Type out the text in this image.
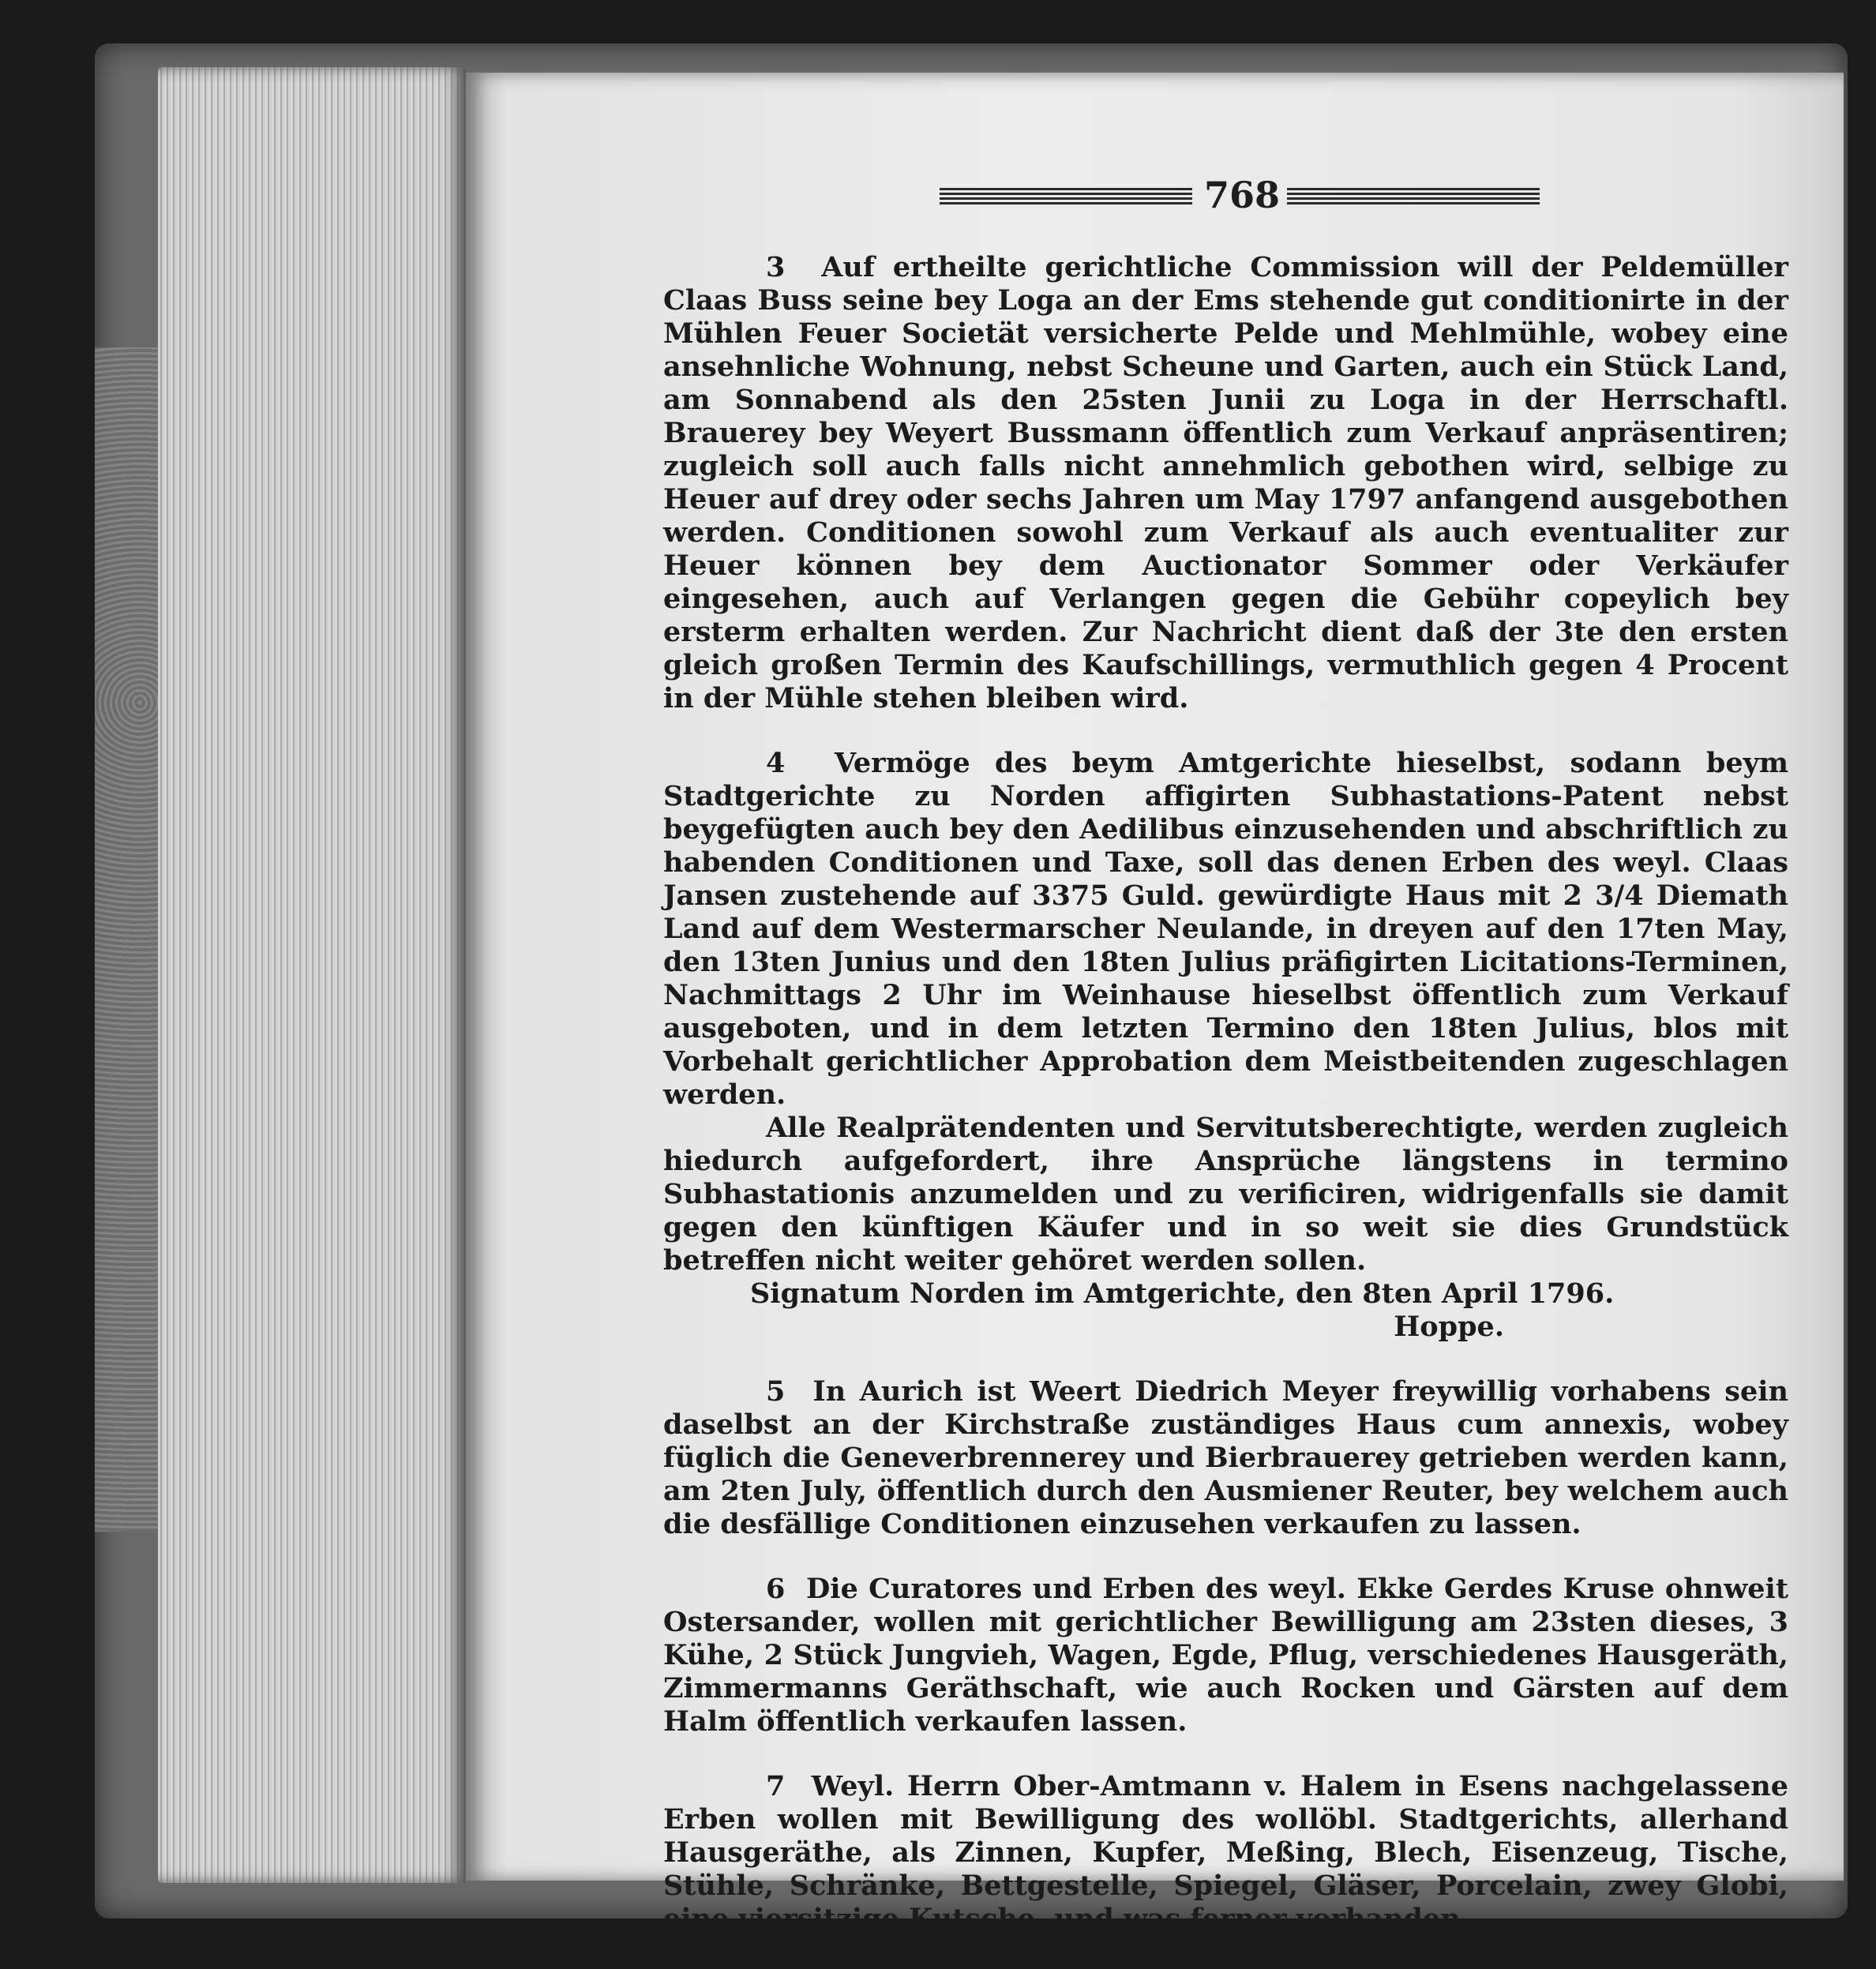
768

3 Auf ertheilte gerichtliche Commission will der Peldemüller Claas Buss seine bey Loga an der Ems stehende gut conditionirte in der Mühlen Feuer Societät versicherte Pelde und Mehlmühle, wobey eine ansehnliche Wohnung, nebst Scheune und Garten, auch ein Stück Land, am Sonnabend als den 25sten Junii zu Loga in der Herrschaftl. Brauerey bey Weyert Bussmann öffentlich zum Verkauf anpräsentiren; zugleich soll auch falls nicht annehmlich gebothen wird, selbige zu Heuer auf drey oder sechs Jahren um May 1797 anfangend ausgebothen werden. Conditionen sowohl zum Verkauf als auch eventualiter zur Heuer können bey dem Auctionator Sommer oder Verkäufer eingesehen, auch auf Verlangen gegen die Gebühr copeylich bey ersterm erhalten werden. Zur Nachricht dient daß der 3te den ersten gleich großen Termin des Kaufschillings, vermuthlich gegen 4 Procent in der Mühle stehen bleiben wird.

4 Vermöge des beym Amtgerichte hieselbst, sodann beym Stadtgerichte zu Norden affigirten Subhastations-Patent nebst beygefügten auch bey den Aedilibus einzusehenden und abschriftlich zu habenden Conditionen und Taxe, soll das denen Erben des weyl. Claas Jansen zustehende auf 3375 Guld. gewürdigte Haus mit 2 3/4 Diemath Land auf dem Westermarscher Neulande, in dreyen auf den 17ten May, den 13ten Junius und den 18ten Julius präfigirten Licitations-Terminen, Nachmittags 2 Uhr im Weinhause hieselbst öffentlich zum Verkauf ausgeboten, und in dem letzten Termino den 18ten Julius, blos mit Vorbehalt gerichtlicher Approbation dem Meistbeitenden zugeschlagen werden.

Alle Realprätendenten und Servitutsberechtigte, werden zugleich hiedurch aufgefordert, ihre Ansprüche längstens in termino Subhastationis anzumelden und zu verificiren, widrigenfalls sie damit gegen den künftigen Käufer und in so weit sie dies Grundstück betreffen nicht weiter gehöret werden sollen.

Signatum Norden im Amtgerichte, den 8ten April 1796.

Hoppe.

5 In Aurich ist Weert Diedrich Meyer freywillig vorhabens sein daselbst an der Kirchstraße zuständiges Haus cum annexis, wobey füglich die Geneverbrennerey und Bierbrauerey getrieben werden kann, am 2ten July, öffentlich durch den Ausmiener Reuter, bey welchem auch die desfällige Conditionen einzusehen verkaufen zu lassen.

6 Die Curatores und Erben des weyl. Ekke Gerdes Kruse ohnweit Ostersander, wollen mit gerichtlicher Bewilligung am 23sten dieses, 3 Kühe, 2 Stück Jungvieh, Wagen, Egde, Pflug, verschiedenes Hausgeräth, Zimmermanns Geräthschaft, wie auch Rocken und Gärsten auf dem Halm öffentlich verkaufen lassen.

7 Weyl. Herrn Ober-Amtmann v. Halem in Esens nachgelassene Erben wollen mit Bewilligung des wollöbl. Stadtgerichts, allerhand Hausgeräthe, als Zinnen, Kupfer, Meßing, Blech, Eisenzeug, Tische, Stühle, Schränke, Bettgestelle, Spiegel, Gläser, Porcelain, zwey Globi, eine viersitzige Kutsche, und was ferner vorhanden,

am
